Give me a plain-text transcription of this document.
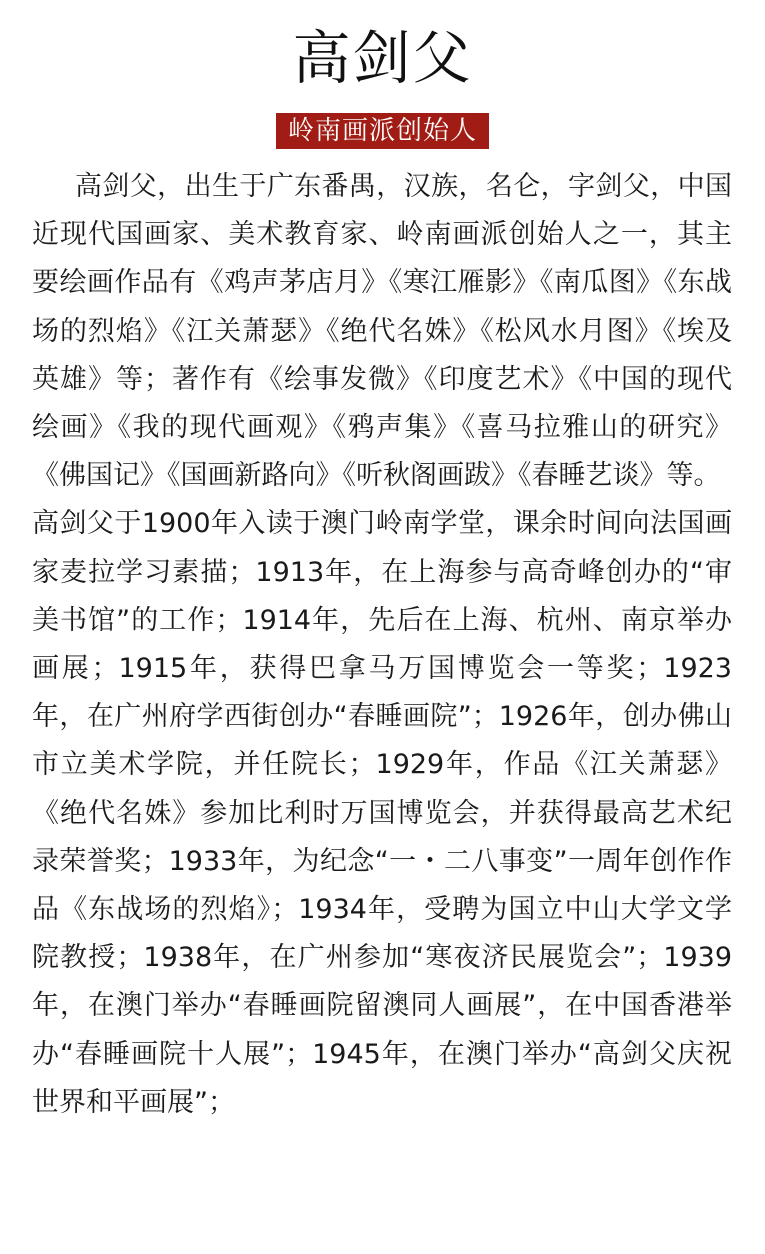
高剑父
岭南画派创始人

高剑父，出生于广东番禺，汉族，名仑，字剑父，中国近现代国画家、美术教育家、岭南画派创始人之一，其主要绘画作品有《鸡声茅店月》《寒江雁影》《南瓜图》《东战场的烈焰》《江关萧瑟》《绝代名姝》《松风水月图》《埃及英雄》等；著作有《绘事发微》《印度艺术》《中国的现代绘画》《我的现代画观》《鸦声集》《喜马拉雅山的研究》《佛国记》《国画新路向》《听秋阁画跋》《春睡艺谈》等。

高剑父于1900年入读于澳门岭南学堂，课余时间向法国画家麦拉学习素描；1913年，在上海参与高奇峰创办的“审美书馆”的工作；1914年，先后在上海、杭州、南京举办画展；1915年，获得巴拿马万国博览会一等奖；1923年，在广州府学西街创办“春睡画院”；1926年，创办佛山市立美术学院，并任院长；1929年，作品《江关萧瑟》《绝代名姝》参加比利时万国博览会，并获得最高艺术纪录荣誉奖；1933年，为纪念“一・二八事变”一周年创作作品《东战场的烈焰》；1934年，受聘为国立中山大学文学院教授；1938年，在广州参加“寒夜济民展览会”；1939年，在澳门举办“春睡画院留澳同人画展”，在中国香港举办“春睡画院十人展”；1945年，在澳门举办“高剑父庆祝世界和平画展”；
